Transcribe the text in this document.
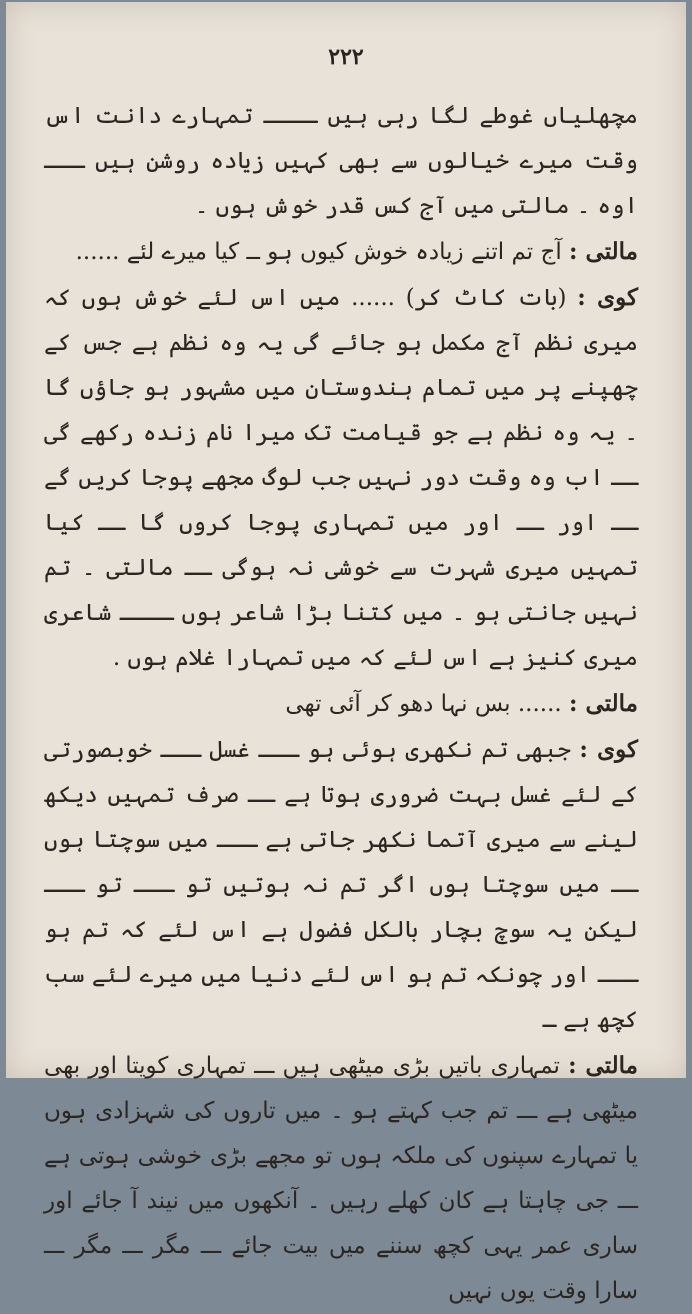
۲۲۲

مچھلیاں غوطے لگا رہی ہیں ــــ تمہارے دانت اس وقت میرے خیالوں سے بھی کہیں زیادہ روشن ہیں ـــ اوہ ۔ مالتی میں آج کس قدر خوش ہوں ۔

مالتی : آج تم اتنے زیادہ خوش کیوں ہو ــ کیا میرے لئے ......

کوی : (بات کاٹ کر) ...... میں اس لئے خوش ہوں کہ میری نظم آج مکمل ہو جائے گی یہ وہ نظم ہے جس کے چھپنے پر میں تمام ہندوستان میں مشہور ہو جاؤں گا ۔ یہ وہ نظم ہے جو قیامت تک میرا نام زندہ رکھے گی ــ اب وہ وقت دور نہیں جب لوگ مجھے پوجا کریں گے ــ اور ــ اور میں تمہاری پوجا کروں گا ــ کیا تمہیں میری شہرت سے خوشی نہ ہوگی ــ مالتی ۔ تم نہیں جانتی ہو ۔ میں کتنا بڑا شاعر ہوں ــــ شاعری میری کنیز ہے اس لئے کہ میں تمہارا غلام ہوں .

مالتی : ...... بس نہا دھو کر آئی تھی

کوی : جبھی تم نکھری ہوئی ہو ـــ غسل ـــ خوبصورتی کے لئے غسل بہت ضروری ہوتا ہے ــ صرف تمہیں دیکھ لینے سے میری آتما نکھر جاتی ہے ـــ میں سوچتا ہوں ــ میں سوچتا ہوں اگر تم نہ ہوتیں تو ـــ تو ـــ لیکن یہ سوچ بچار بالکل فضول ہے اس لئے کہ تم ہو ـــ اور چونکہ تم ہو اس لئے دنیا میں میرے لئے سب کچھ ہے ـ

مالتی : تمہاری باتیں بڑی میٹھی ہیں ـــ تمہاری کویتا اور بھی میٹھی ہے ـــ تم جب کہتے ہو ۔ میں تاروں کی شہزادی ہوں یا تمہارے سپنوں کی ملکہ ہوں تو مجھے بڑی خوشی ہوتی ہے ـــ جی چاہتا ہے کان کھلے رہیں ۔ آنکھوں میں نیند آ جائے اور ساری عمر یہی کچھ سننے میں بیت جائے ـــ مگر ـــ مگر ـــ سارا وقت یوں نہیں
